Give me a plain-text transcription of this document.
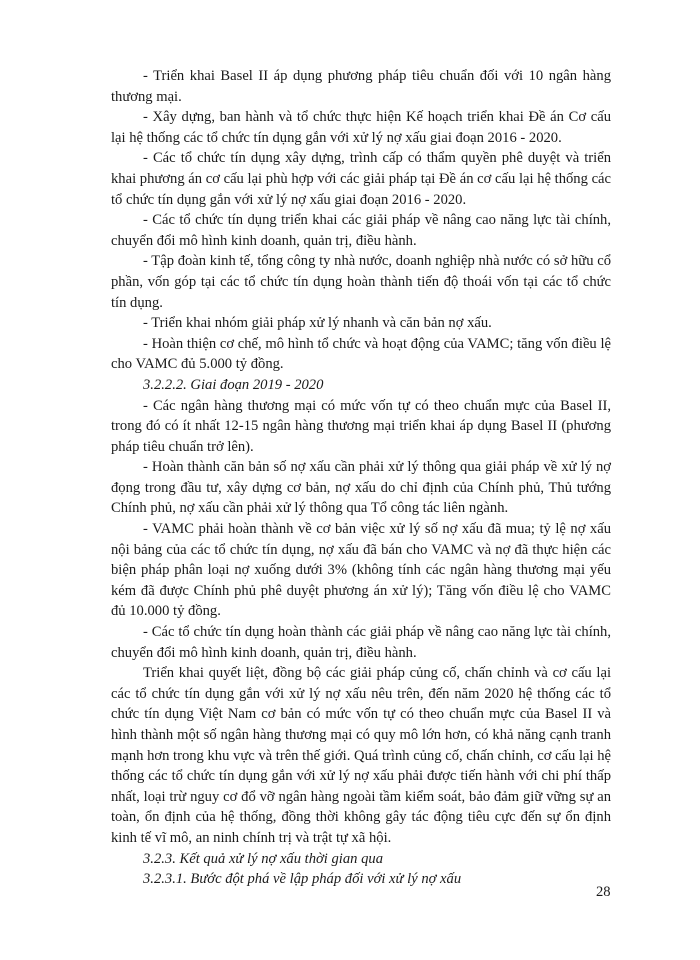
- Triển khai Basel II áp dụng phương pháp tiêu chuẩn đối với 10 ngân hàng thương mại.

- Xây dựng, ban hành và tổ chức thực hiện Kế hoạch triển khai Đề án Cơ cấu lại hệ thống các tổ chức tín dụng gắn với xử lý nợ xấu giai đoạn 2016 - 2020.

- Các tổ chức tín dụng xây dựng, trình cấp có thẩm quyền phê duyệt và triển khai phương án cơ cấu lại phù hợp với các giải pháp tại Đề án cơ cấu lại hệ thống các tổ chức tín dụng gắn với xử lý nợ xấu giai đoạn 2016 - 2020.

- Các tổ chức tín dụng triển khai các giải pháp về nâng cao năng lực tài chính, chuyển đổi mô hình kinh doanh, quản trị, điều hành.

- Tập đoàn kinh tế, tổng công ty nhà nước, doanh nghiệp nhà nước có sở hữu cổ phần, vốn góp tại các tổ chức tín dụng hoàn thành tiến độ thoái vốn tại các tổ chức tín dụng.

- Triển khai nhóm giải pháp xử lý nhanh và căn bản nợ xấu.

- Hoàn thiện cơ chế, mô hình tổ chức và hoạt động của VAMC; tăng vốn điều lệ cho VAMC đủ 5.000 tỷ đồng.

3.2.2.2. Giai đoạn 2019 - 2020

- Các ngân hàng thương mại có mức vốn tự có theo chuẩn mực của Basel II, trong đó có ít nhất 12-15 ngân hàng thương mại triển khai áp dụng Basel II (phương pháp tiêu chuẩn trở lên).

- Hoàn thành căn bản số nợ xấu cần phải xử lý thông qua giải pháp về xử lý nợ đọng trong đầu tư, xây dựng cơ bản, nợ xấu do chỉ định của Chính phủ, Thủ tướng Chính phủ, nợ xấu cần phải xử lý thông qua Tổ công tác liên ngành.

- VAMC phải hoàn thành về cơ bản việc xử lý số nợ xấu đã mua; tỷ lệ nợ xấu nội bảng của các tổ chức tín dụng, nợ xấu đã bán cho VAMC và nợ đã thực hiện các biện pháp phân loại nợ xuống dưới 3% (không tính các ngân hàng thương mại yếu kém đã được Chính phủ phê duyệt phương án xử lý); Tăng vốn điều lệ cho VAMC đủ 10.000 tỷ đồng.

- Các tổ chức tín dụng hoàn thành các giải pháp về nâng cao năng lực tài chính, chuyển đổi mô hình kinh doanh, quản trị, điều hành.

Triển khai quyết liệt, đồng bộ các giải pháp củng cố, chấn chỉnh và cơ cấu lại các tổ chức tín dụng gắn với xử lý nợ xấu nêu trên, đến năm 2020 hệ thống các tổ chức tín dụng Việt Nam cơ bản có mức vốn tự có theo chuẩn mực của Basel II và hình thành một số ngân hàng thương mại có quy mô lớn hơn, có khả năng cạnh tranh mạnh hơn trong khu vực và trên thế giới. Quá trình củng cố, chấn chỉnh, cơ cấu lại hệ thống các tổ chức tín dụng gắn với xử lý nợ xấu phải được tiến hành với chi phí thấp nhất, loại trừ nguy cơ đổ vỡ ngân hàng ngoài tầm kiểm soát, bảo đảm giữ vững sự an toàn, ổn định của hệ thống, đồng thời không gây tác động tiêu cực đến sự ổn định kinh tế vĩ mô, an ninh chính trị và trật tự xã hội.

3.2.3. Kết quả xử lý nợ xấu thời gian qua

3.2.3.1. Bước đột phá về lập pháp đối với xử lý nợ xấu

28
